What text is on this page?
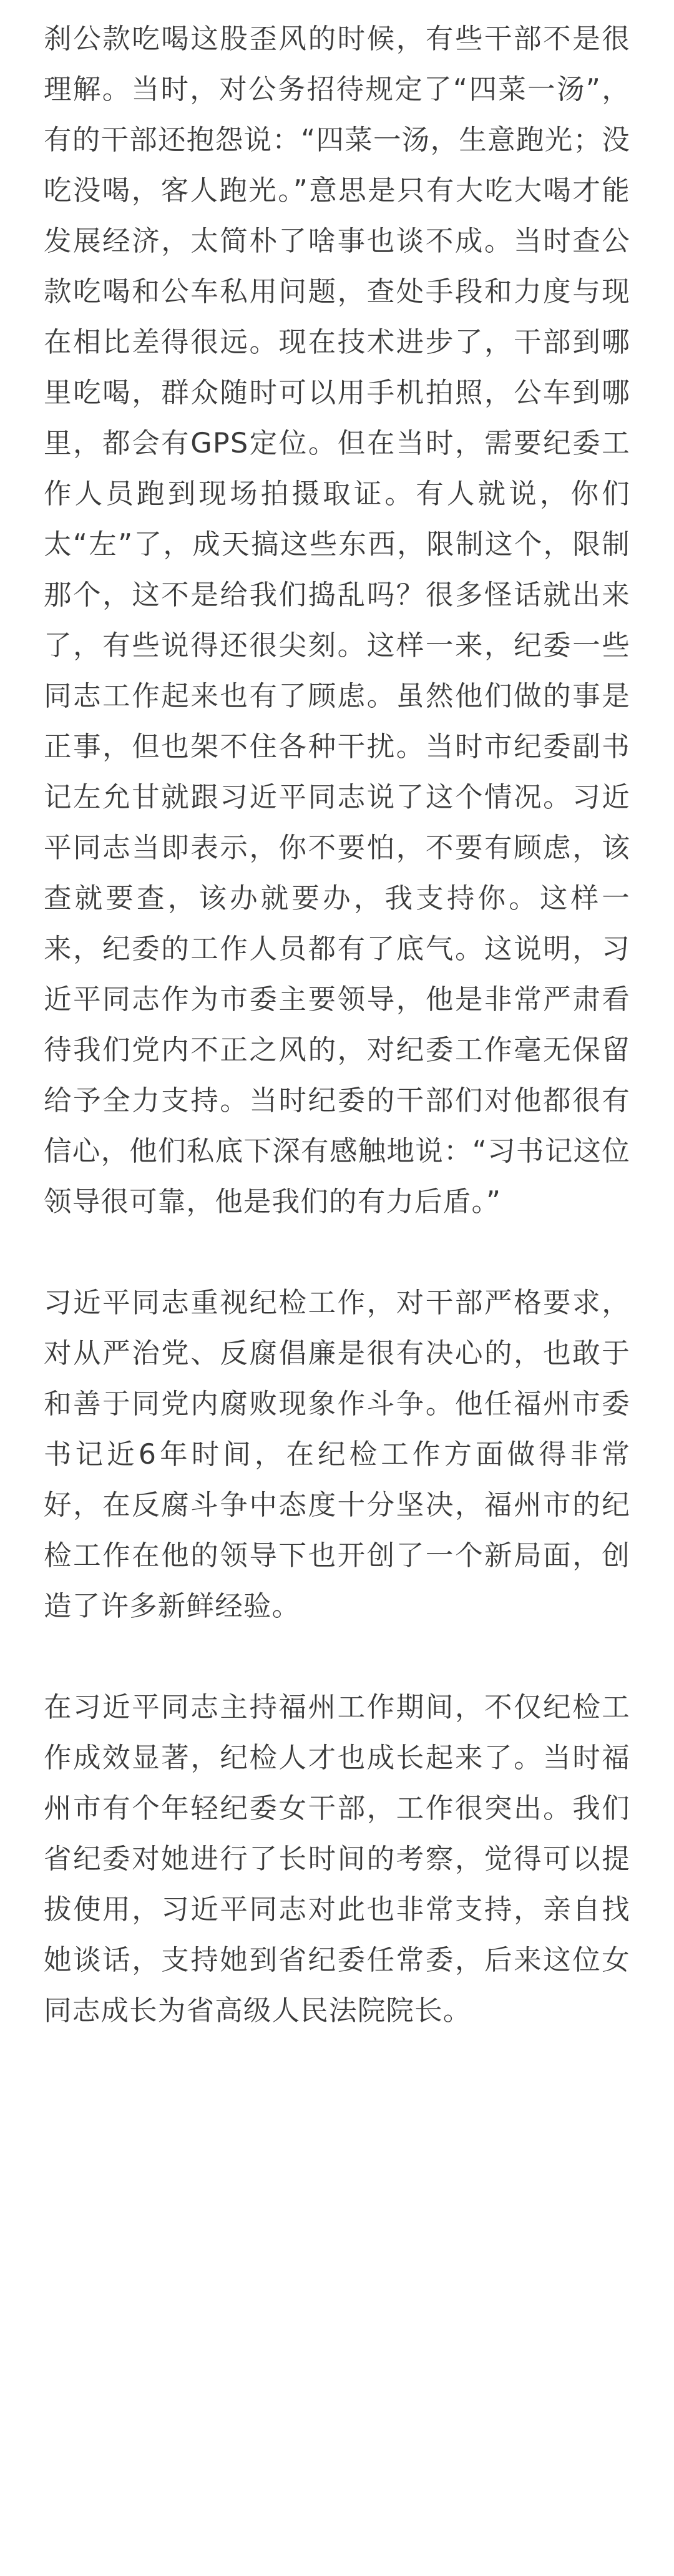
刹公款吃喝这股歪风的时候，有些干部不是很理解。当时，对公务招待规定了“四菜一汤”，有的干部还抱怨说：“四菜一汤，生意跑光；没吃没喝，客人跑光。”意思是只有大吃大喝才能发展经济，太简朴了啥事也谈不成。当时查公款吃喝和公车私用问题，查处手段和力度与现在相比差得很远。现在技术进步了，干部到哪里吃喝，群众随时可以用手机拍照，公车到哪里，都会有GPS定位。但在当时，需要纪委工作人员跑到现场拍摄取证。有人就说，你们太“左”了，成天搞这些东西，限制这个，限制那个，这不是给我们捣乱吗？很多怪话就出来了，有些说得还很尖刻。这样一来，纪委一些同志工作起来也有了顾虑。虽然他们做的事是正事，但也架不住各种干扰。当时市纪委副书记左允甘就跟习近平同志说了这个情况。习近平同志当即表示，你不要怕，不要有顾虑，该查就要查，该办就要办，我支持你。这样一来，纪委的工作人员都有了底气。这说明，习近平同志作为市委主要领导，他是非常严肃看待我们党内不正之风的，对纪委工作毫无保留给予全力支持。当时纪委的干部们对他都很有信心，他们私底下深有感触地说：“习书记这位领导很可靠，他是我们的有力后盾。”

习近平同志重视纪检工作，对干部严格要求，对从严治党、反腐倡廉是很有决心的，也敢于和善于同党内腐败现象作斗争。他任福州市委书记近6年时间，在纪检工作方面做得非常好，在反腐斗争中态度十分坚决，福州市的纪检工作在他的领导下也开创了一个新局面，创造了许多新鲜经验。

在习近平同志主持福州工作期间，不仅纪检工作成效显著，纪检人才也成长起来了。当时福州市有个年轻纪委女干部，工作很突出。我们省纪委对她进行了长时间的考察，觉得可以提拔使用，习近平同志对此也非常支持，亲自找她谈话，支持她到省纪委任常委，后来这位女同志成长为省高级人民法院院长。
